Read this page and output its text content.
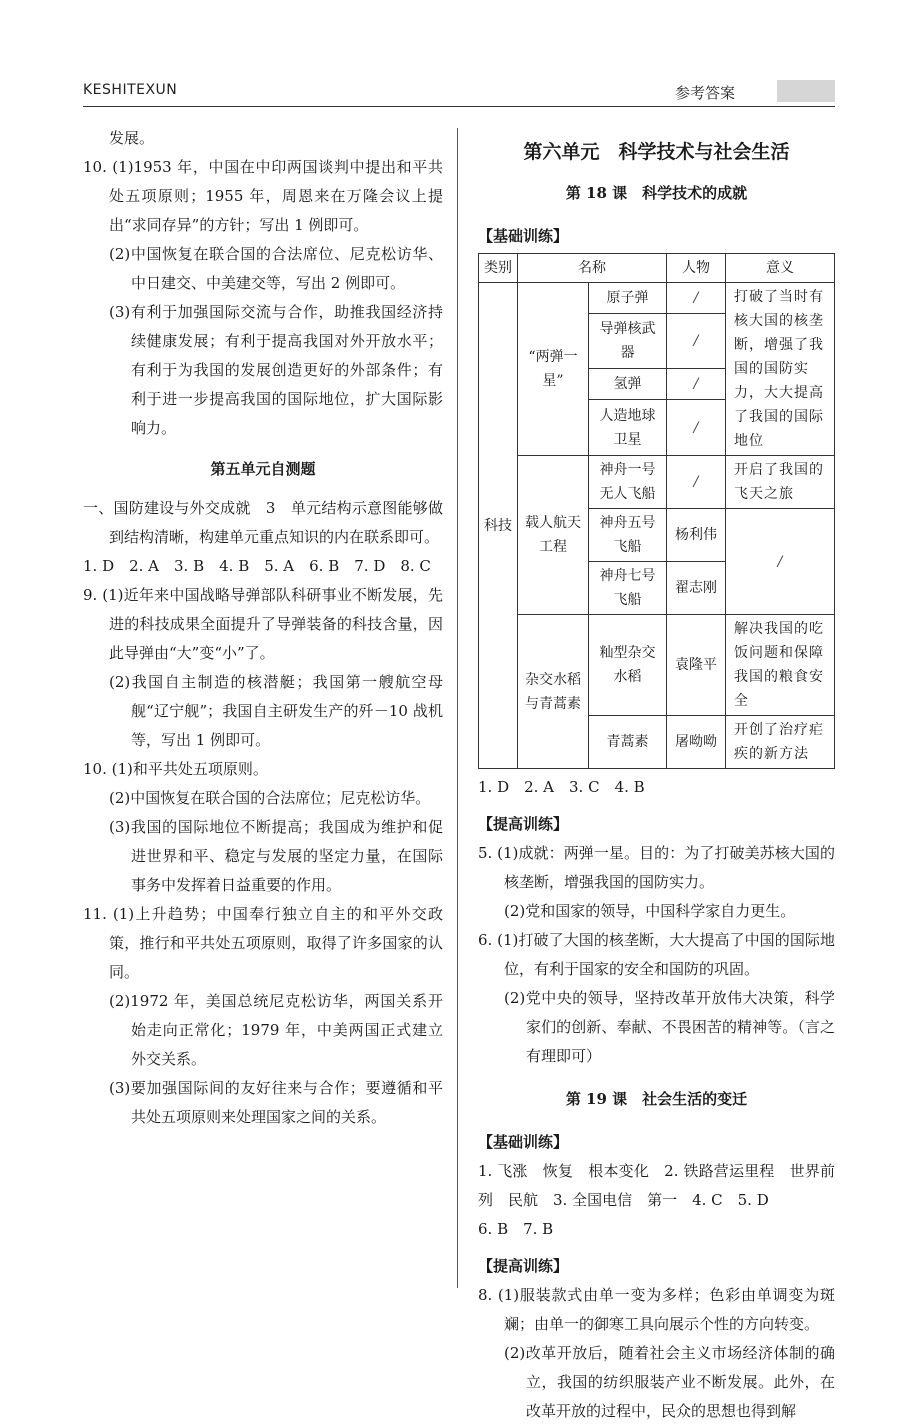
KESHITEXUN	参考答案

发展。

10. (1)1953 年，中国在中印两国谈判中提出和平共处五项原则；1955 年，周恩来在万隆会议上提出“求同存异”的方针；写出 1 例即可。

(2)中国恢复在联合国的合法席位、尼克松访华、中日建交、中美建交等，写出 2 例即可。

(3)有利于加强国际交流与合作，助推我国经济持续健康发展；有利于提高我国对外开放水平；有利于为我国的发展创造更好的外部条件；有利于进一步提高我国的国际地位，扩大国际影响力。

第五单元自测题

一、国防建设与外交成就　3　单元结构示意图能够做到结构清晰，构建单元重点知识的内在联系即可。

1. D　2. A　3. B　4. B　5. A　6. B　7. D　8. C

9. (1)近年来中国战略导弹部队科研事业不断发展，先进的科技成果全面提升了导弹装备的科技含量，因此导弹由“大”变“小”了。

(2)我国自主制造的核潜艇；我国第一艘航空母舰“辽宁舰”；我国自主研发生产的歼－10 战机等，写出 1 例即可。

10. (1)和平共处五项原则。

(2)中国恢复在联合国的合法席位；尼克松访华。

(3)我国的国际地位不断提高；我国成为维护和促进世界和平、稳定与发展的坚定力量，在国际事务中发挥着日益重要的作用。

11. (1)上升趋势；中国奉行独立自主的和平外交政策，推行和平共处五项原则，取得了许多国家的认同。

(2)1972 年，美国总统尼克松访华，两国关系开始走向正常化；1979 年，中美两国正式建立外交关系。

(3)要加强国际间的友好往来与合作；要遵循和平共处五项原则来处理国家之间的关系。

第六单元　科学技术与社会生活

第 18 课　科学技术的成就

【基础训练】

类别	名称		人物	意义
科技	“两弹一星”	原子弹	/	打破了当时有核大国的核垄断，增强了我国的国防实力，大大提高了我国的国际地位
		导弹核武器	/	
		氢弹	/	
		人造地球卫星	/	
	载人航天工程	神舟一号无人飞船	/	开启了我国的飞天之旅
		神舟五号飞船	杨利伟	/
		神舟七号飞船	翟志刚	
	杂交水稻与青蒿素	籼型杂交水稻	袁隆平	解决我国的吃饭问题和保障我国的粮食安全
		青蒿素	屠呦呦	开创了治疗疟疾的新方法

1. D　2. A　3. C　4. B

【提高训练】

5. (1)成就：两弹一星。目的：为了打破美苏核大国的核垄断，增强我国的国防实力。

(2)党和国家的领导，中国科学家自力更生。

6. (1)打破了大国的核垄断，大大提高了中国的国际地位，有利于国家的安全和国防的巩固。

(2)党中央的领导，坚持改革开放伟大决策，科学家们的创新、奉献、不畏困苦的精神等。（言之有理即可）

第 19 课　社会生活的变迁

【基础训练】

1. 飞涨　恢复　根本变化　2. 铁路营运里程　世界前列　民航　3. 全国电信　第一　4. C　5. D

6. B　7. B

【提高训练】

8. (1)服装款式由单一变为多样；色彩由单调变为斑斓；由单一的御寒工具向展示个性的方向转变。

(2)改革开放后，随着社会主义市场经济体制的确立，我国的纺织服装产业不断发展。此外，在改革开放的过程中，民众的思想也得到解
